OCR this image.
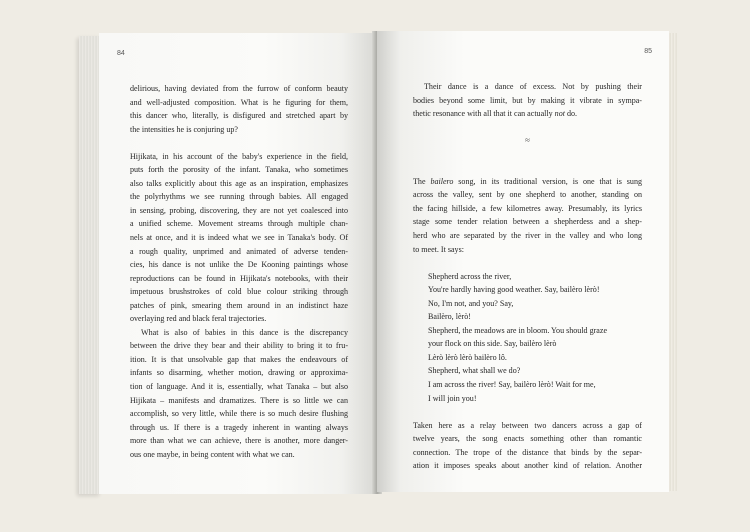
84
delirious, having deviated from the furrow of conform beauty
and well-adjusted composition. What is he figuring for them,
this dancer who, literally, is disfigured and stretched apart by
the intensities he is conjuring up?
Hijikata, in his account of the baby's experience in the field,
puts forth the porosity of the infant. Tanaka, who sometimes
also talks explicitly about this age as an inspiration, emphasizes
the polyrhythms we see running through babies. All engaged
in sensing, probing, discovering, they are not yet coalesced into
a unified scheme. Movement streams through multiple chan-
nels at once, and it is indeed what we see in Tanaka's body. Of
a rough quality, unprimed and animated of adverse tenden-
cies, his dance is not unlike the De Kooning paintings whose
reproductions can be found in Hijikata's notebooks, with their
impetuous brushstrokes of cold blue colour striking through
patches of pink, smearing them around in an indistinct haze
overlaying red and black feral trajectories.
What is also of babies in this dance is the discrepancy
between the drive they bear and their ability to bring it to fru-
ition. It is that unsolvable gap that makes the endeavours of
infants so disarming, whether motion, drawing or approxima-
tion of language. And it is, essentially, what Tanaka – but also
Hijikata – manifests and dramatizes. There is so little we can
accomplish, so very little, while there is so much desire flushing
through us. If there is a tragedy inherent in wanting always
more than what we can achieve, there is another, more danger-
ous one maybe, in being content with what we can.
85
Their dance is a dance of excess. Not by pushing their
bodies beyond some limit, but by making it vibrate in sympa-
thetic resonance with all that it can actually not do.
≈
The bailero song, in its traditional version, is one that is sung
across the valley, sent by one shepherd to another, standing on
the facing hillside, a few kilometres away. Presumably, its lyrics
stage some tender relation between a shepherdess and a shep-
herd who are separated by the river in the valley and who long
to meet. It says:
Shepherd across the river,
You're hardly having good weather. Say, bailèro lèrò!
No, I'm not, and you? Say,
Bailèro, lèrò!
Shepherd, the meadows are in bloom. You should graze
your flock on this side. Say, bailèro lèrò
Lèrò lèrò lèrò bailèro lô.
Shepherd, what shall we do?
I am across the river! Say, bailèro lèrò! Wait for me,
I will join you!
Taken here as a relay between two dancers across a gap of
twelve years, the song enacts something other than romantic
connection. The trope of the distance that binds by the separ-
ation it imposes speaks about another kind of relation. Another
